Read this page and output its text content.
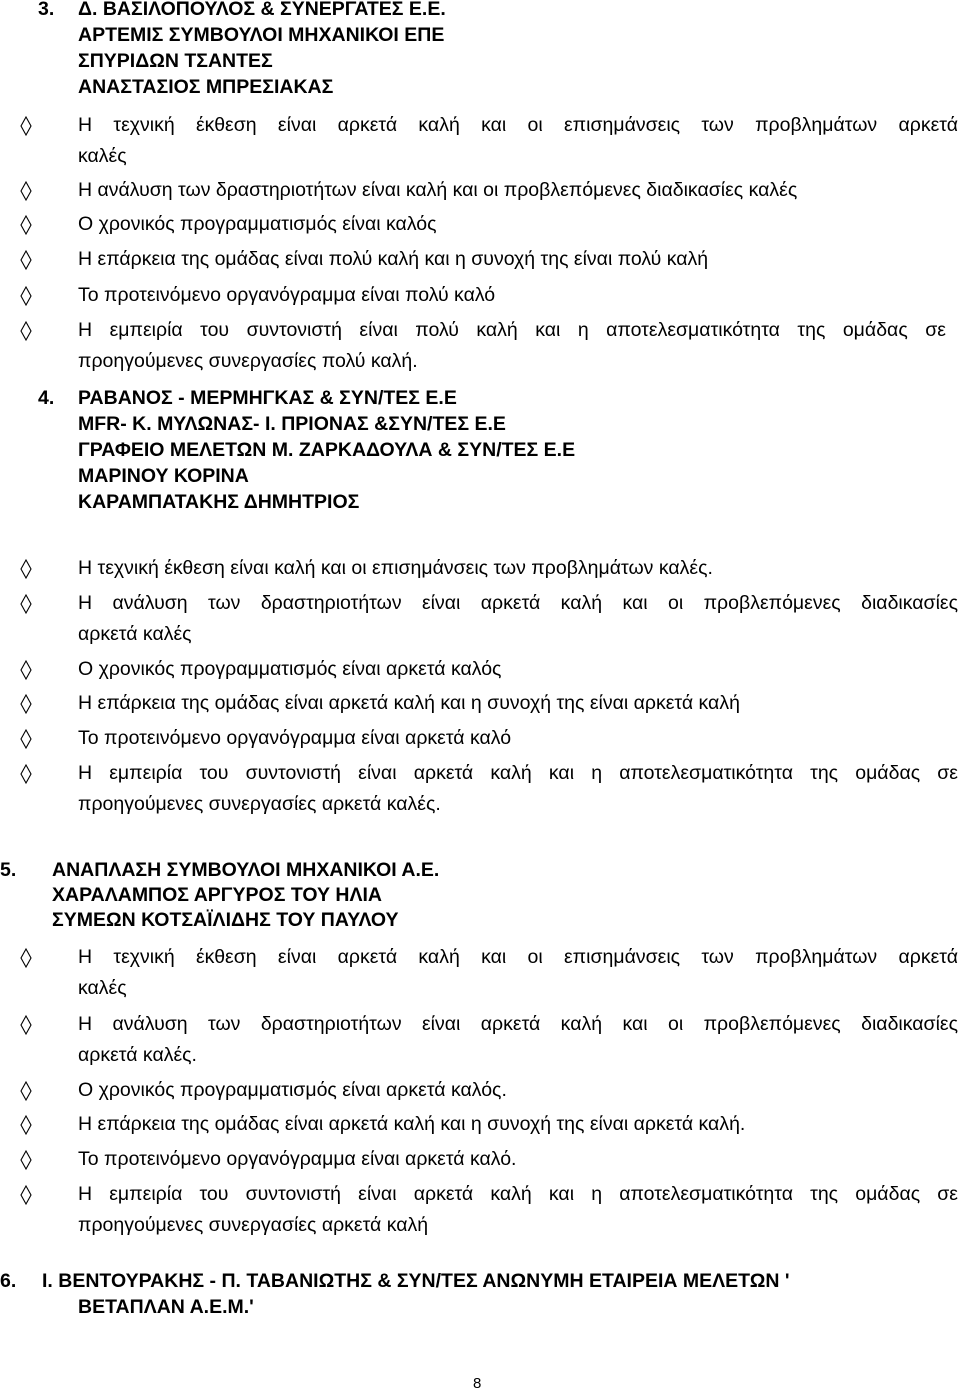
3. Δ. ΒΑΣΙΛΟΠΟΥΛΟΣ & ΣΥΝΕΡΓΑΤΕΣ Ε.Ε.
ΑΡΤΕΜΙΣ ΣΥΜΒΟΥΛΟΙ ΜΗΧΑΝΙΚΟΙ ΕΠΕ
ΣΠΥΡΙΔΩΝ ΤΣΑΝΤΕΣ
ΑΝΑΣΤΑΣΙΟΣ ΜΠΡΕΣΙΑΚΑΣ
Η τεχνική έκθεση είναι αρκετά καλή και οι επισημάνσεις των προβλημάτων αρκετά
καλές
Η ανάλυση των δραστηριοτήτων είναι καλή και οι προβλεπόμενες διαδικασίες καλές
Ο χρονικός προγραμματισμός είναι καλός
Η επάρκεια της ομάδας είναι πολύ καλή και η συνοχή της είναι πολύ καλή
Το προτεινόμενο οργανόγραμμα είναι πολύ καλό
Η εμπειρία του συντονιστή είναι πολύ καλή και η αποτελεσματικότητα της ομάδας σε
προηγούμενες συνεργασίες πολύ καλή.
4. ΡΑΒΑΝΟΣ - ΜΕΡΜΗΓΚΑΣ & ΣΥΝ/ΤΕΣ Ε.Ε
MFR- Κ. ΜΥΛΩΝΑΣ- Ι. ΠΡΙΟΝΑΣ &ΣΥΝ/ΤΕΣ Ε.Ε
ΓΡΑΦΕΙΟ ΜΕΛΕΤΩΝ Μ. ΖΑΡΚΑΔΟΥΛΑ & ΣΥΝ/ΤΕΣ Ε.Ε
ΜΑΡΙΝΟΥ ΚΟΡΙΝΑ
ΚΑΡΑΜΠΑΤΑΚΗΣ ΔΗΜΗΤΡΙΟΣ
Η τεχνική έκθεση είναι καλή και οι επισημάνσεις των προβλημάτων καλές.
Η ανάλυση των δραστηριοτήτων είναι αρκετά καλή και οι προβλεπόμενες διαδικασίες
αρκετά καλές
Ο χρονικός προγραμματισμός είναι αρκετά καλός
Η επάρκεια της ομάδας είναι αρκετά καλή και η συνοχή της είναι αρκετά καλή
Το προτεινόμενο οργανόγραμμα είναι αρκετά καλό
Η εμπειρία του συντονιστή είναι αρκετά καλή και η αποτελεσματικότητα της ομάδας σε
προηγούμενες συνεργασίες αρκετά καλές.
5. ΑΝΑΠΛΑΣΗ ΣΥΜΒΟΥΛΟΙ ΜΗΧΑΝΙΚΟΙ Α.Ε.
ΧΑΡΑΛΑΜΠΟΣ ΑΡΓΥΡΟΣ ΤΟΥ ΗΛΙΑ
ΣΥΜΕΩΝ ΚΟΤΣΑΪΛΙΔΗΣ ΤΟΥ ΠΑΥΛΟΥ
Η τεχνική έκθεση είναι αρκετά καλή και οι επισημάνσεις των προβλημάτων αρκετά
καλές
Η ανάλυση των δραστηριοτήτων είναι αρκετά καλή και οι προβλεπόμενες διαδικασίες
αρκετά καλές.
Ο χρονικός προγραμματισμός είναι αρκετά καλός.
Η επάρκεια της ομάδας είναι αρκετά καλή και η συνοχή της είναι αρκετά καλή.
Το προτεινόμενο οργανόγραμμα είναι αρκετά καλό.
Η εμπειρία του συντονιστή είναι αρκετά καλή και η αποτελεσματικότητα της ομάδας σε
προηγούμενες συνεργασίες αρκετά καλή
6. Ι. ΒΕΝΤΟΥΡΑΚΗΣ - Π. ΤΑΒΑΝΙΩΤΗΣ & ΣΥΝ/ΤΕΣ ΑΝΩΝΥΜΗ ΕΤΑΙΡΕΙΑ ΜΕΛΕΤΩΝ '
ΒΕΤΑΠΛΑΝ Α.Ε.Μ.'
8
